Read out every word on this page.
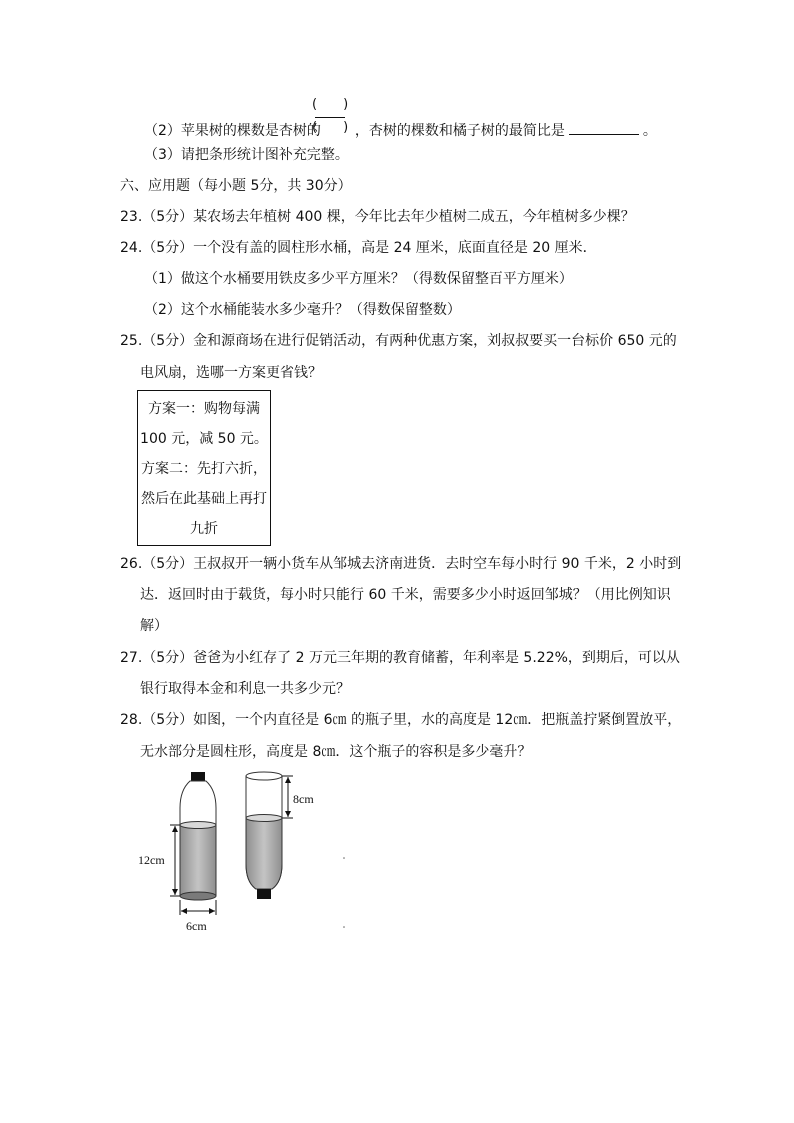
(　　)
（2）苹果树的棵数是杏树的 ，杏树的棵数和橘子树的最简比是	。
(　　)
（3）请把条形统计图补充完整。
六、应用题（每小题 5分，共 30分）
23.（5分）某农场去年植树 400 棵，今年比去年少植树二成五，今年植树多少棵？
24.（5分）一个没有盖的圆柱形水桶，高是 24 厘米，底面直径是 20 厘米．
（1）做这个水桶要用铁皮多少平方厘米？（得数保留整百平方厘米）
（2）这个水桶能装水多少毫升？（得数保留整数）
25.（5分）金和源商场在进行促销活动，有两种优惠方案，刘叔叔要买一台标价 650 元的
电风扇，选哪一方案更省钱？
方案一：购物每满
100 元，减 50 元。
方案二：先打六折，
然后在此基础上再打
九折
26.（5分）王叔叔开一辆小货车从邹城去济南进货．去时空车每小时行 90 千米，2 小时到
达．返回时由于载货，每小时只能行 60 千米，需要多少小时返回邹城？（用比例知识
解）
27.（5分）爸爸为小红存了 2 万元三年期的教育储蓄，年利率是 5.22%，到期后，可以从
银行取得本金和利息一共多少元？
28.（5分）如图，一个内直径是 6㎝ 的瓶子里，水的高度是 12㎝．把瓶盖拧紧倒置放平，
无水部分是圆柱形，高度是 8㎝．这个瓶子的容积是多少毫升？
12cm
6cm
8cm
